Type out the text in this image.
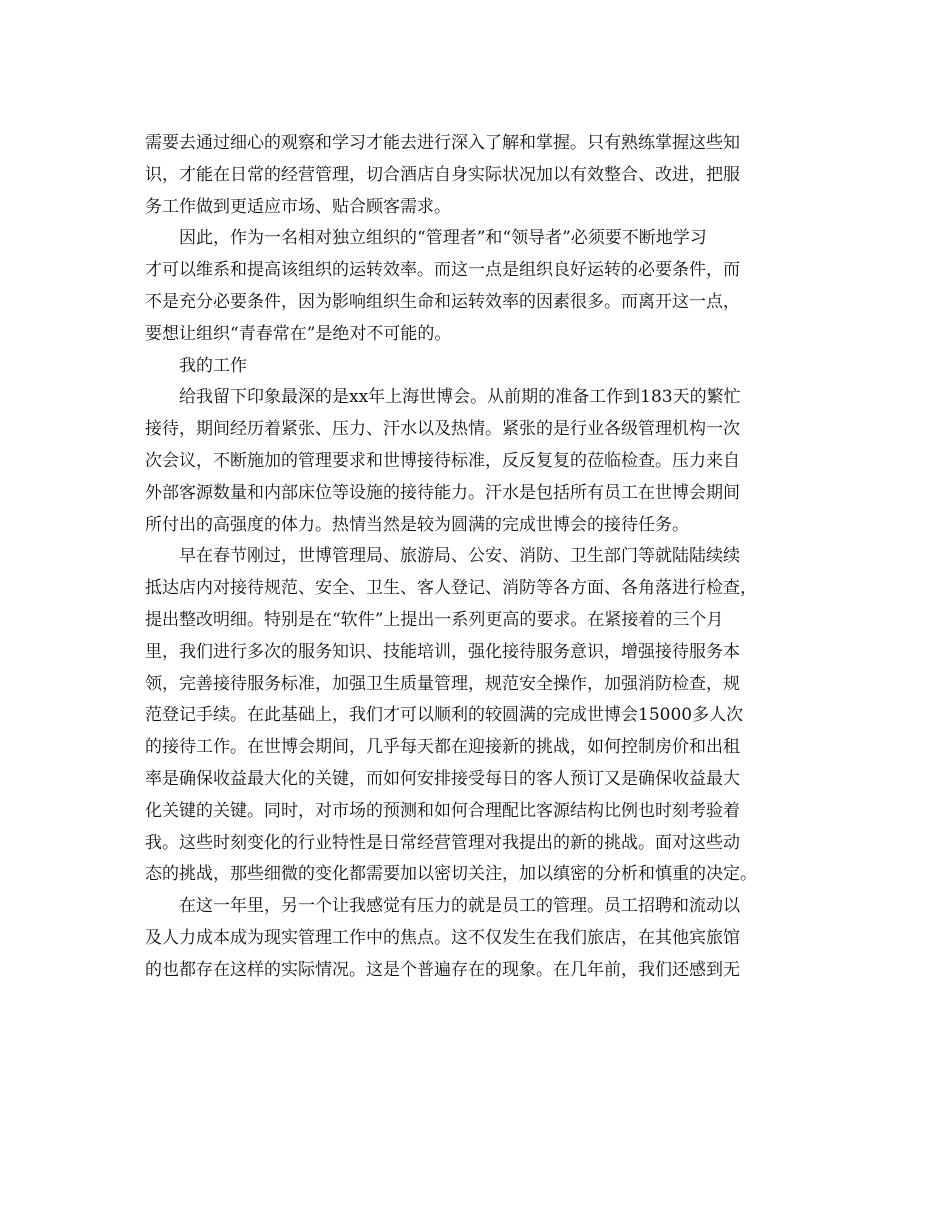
需要去通过细心的观察和学习才能去进行深入了解和掌握。只有熟练掌握这些知
识，才能在日常的经营管理，切合酒店自身实际状况加以有效整合、改进，把服
务工作做到更适应市场、贴合顾客需求。
因此，作为一名相对独立组织的“管理者”和“领导者”必须要不断地学习
才可以维系和提高该组织的运转效率。而这一点是组织良好运转的必要条件，而
不是充分必要条件，因为影响组织生命和运转效率的因素很多。而离开这一点，
要想让组织“青春常在”是绝对不可能的。
我的工作
给我留下印象最深的是xx年上海世博会。从前期的准备工作到183天的繁忙
接待，期间经历着紧张、压力、汗水以及热情。紧张的是行业各级管理机构一次
次会议，不断施加的管理要求和世博接待标准，反反复复的莅临检查。压力来自
外部客源数量和内部床位等设施的接待能力。汗水是包括所有员工在世博会期间
所付出的高强度的体力。热情当然是较为圆满的完成世博会的接待任务。
早在春节刚过，世博管理局、旅游局、公安、消防、卫生部门等就陆陆续续
抵达店内对接待规范、安全、卫生、客人登记、消防等各方面、各角落进行检查，
提出整改明细。特别是在“软件”上提出一系列更高的要求。在紧接着的三个月
里，我们进行多次的服务知识、技能培训，强化接待服务意识，增强接待服务本
领，完善接待服务标准，加强卫生质量管理，规范安全操作，加强消防检查，规
范登记手续。在此基础上，我们才可以顺利的较圆满的完成世博会15000多人次
的接待工作。在世博会期间，几乎每天都在迎接新的挑战，如何控制房价和出租
率是确保收益最大化的关键，而如何安排接受每日的客人预订又是确保收益最大
化关键的关键。同时，对市场的预测和如何合理配比客源结构比例也时刻考验着
我。这些时刻变化的行业特性是日常经营管理对我提出的新的挑战。面对这些动
态的挑战，那些细微的变化都需要加以密切关注，加以缜密的分析和慎重的决定。
在这一年里，另一个让我感觉有压力的就是员工的管理。员工招聘和流动以
及人力成本成为现实管理工作中的焦点。这不仅发生在我们旅店，在其他宾旅馆
的也都存在这样的实际情况。这是个普遍存在的现象。在几年前，我们还感到无
